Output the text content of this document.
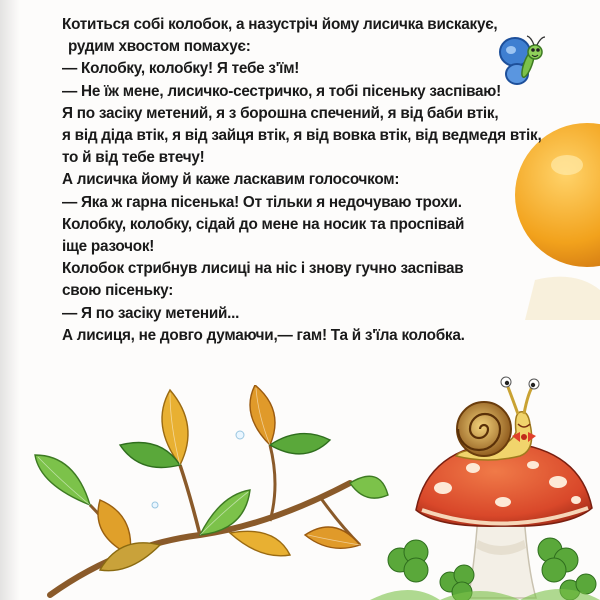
Котиться собі колобок, а назустріч йому лисичка вискакує,
рудим хвостом помахує:
— Колобку, колобку! Я тебе з'їм!
— Не їж мене, лисичко-сестричко, я тобі пісеньку заспіваю!
Я по засіку метений, я з борошна спечений, я від баби втік,
я від діда втік, я від зайця втік, я від вовка втік, від ведмедя втік,
то й від тебе втечу!
А лисичка йому й каже ласкавим голосочком:
— Яка ж гарна пісенька! От тільки я недочуваю трохи.
Колобку, колобку, сідай до мене на носик та проспівай
іще разочок!
Колобок стрибнув лисиці на ніс і знову гучно заспівав
свою пісеньку:
— Я по засіку метений...
А лисиця, не довго думаючи,— гам! Та й з'їла колобка.
